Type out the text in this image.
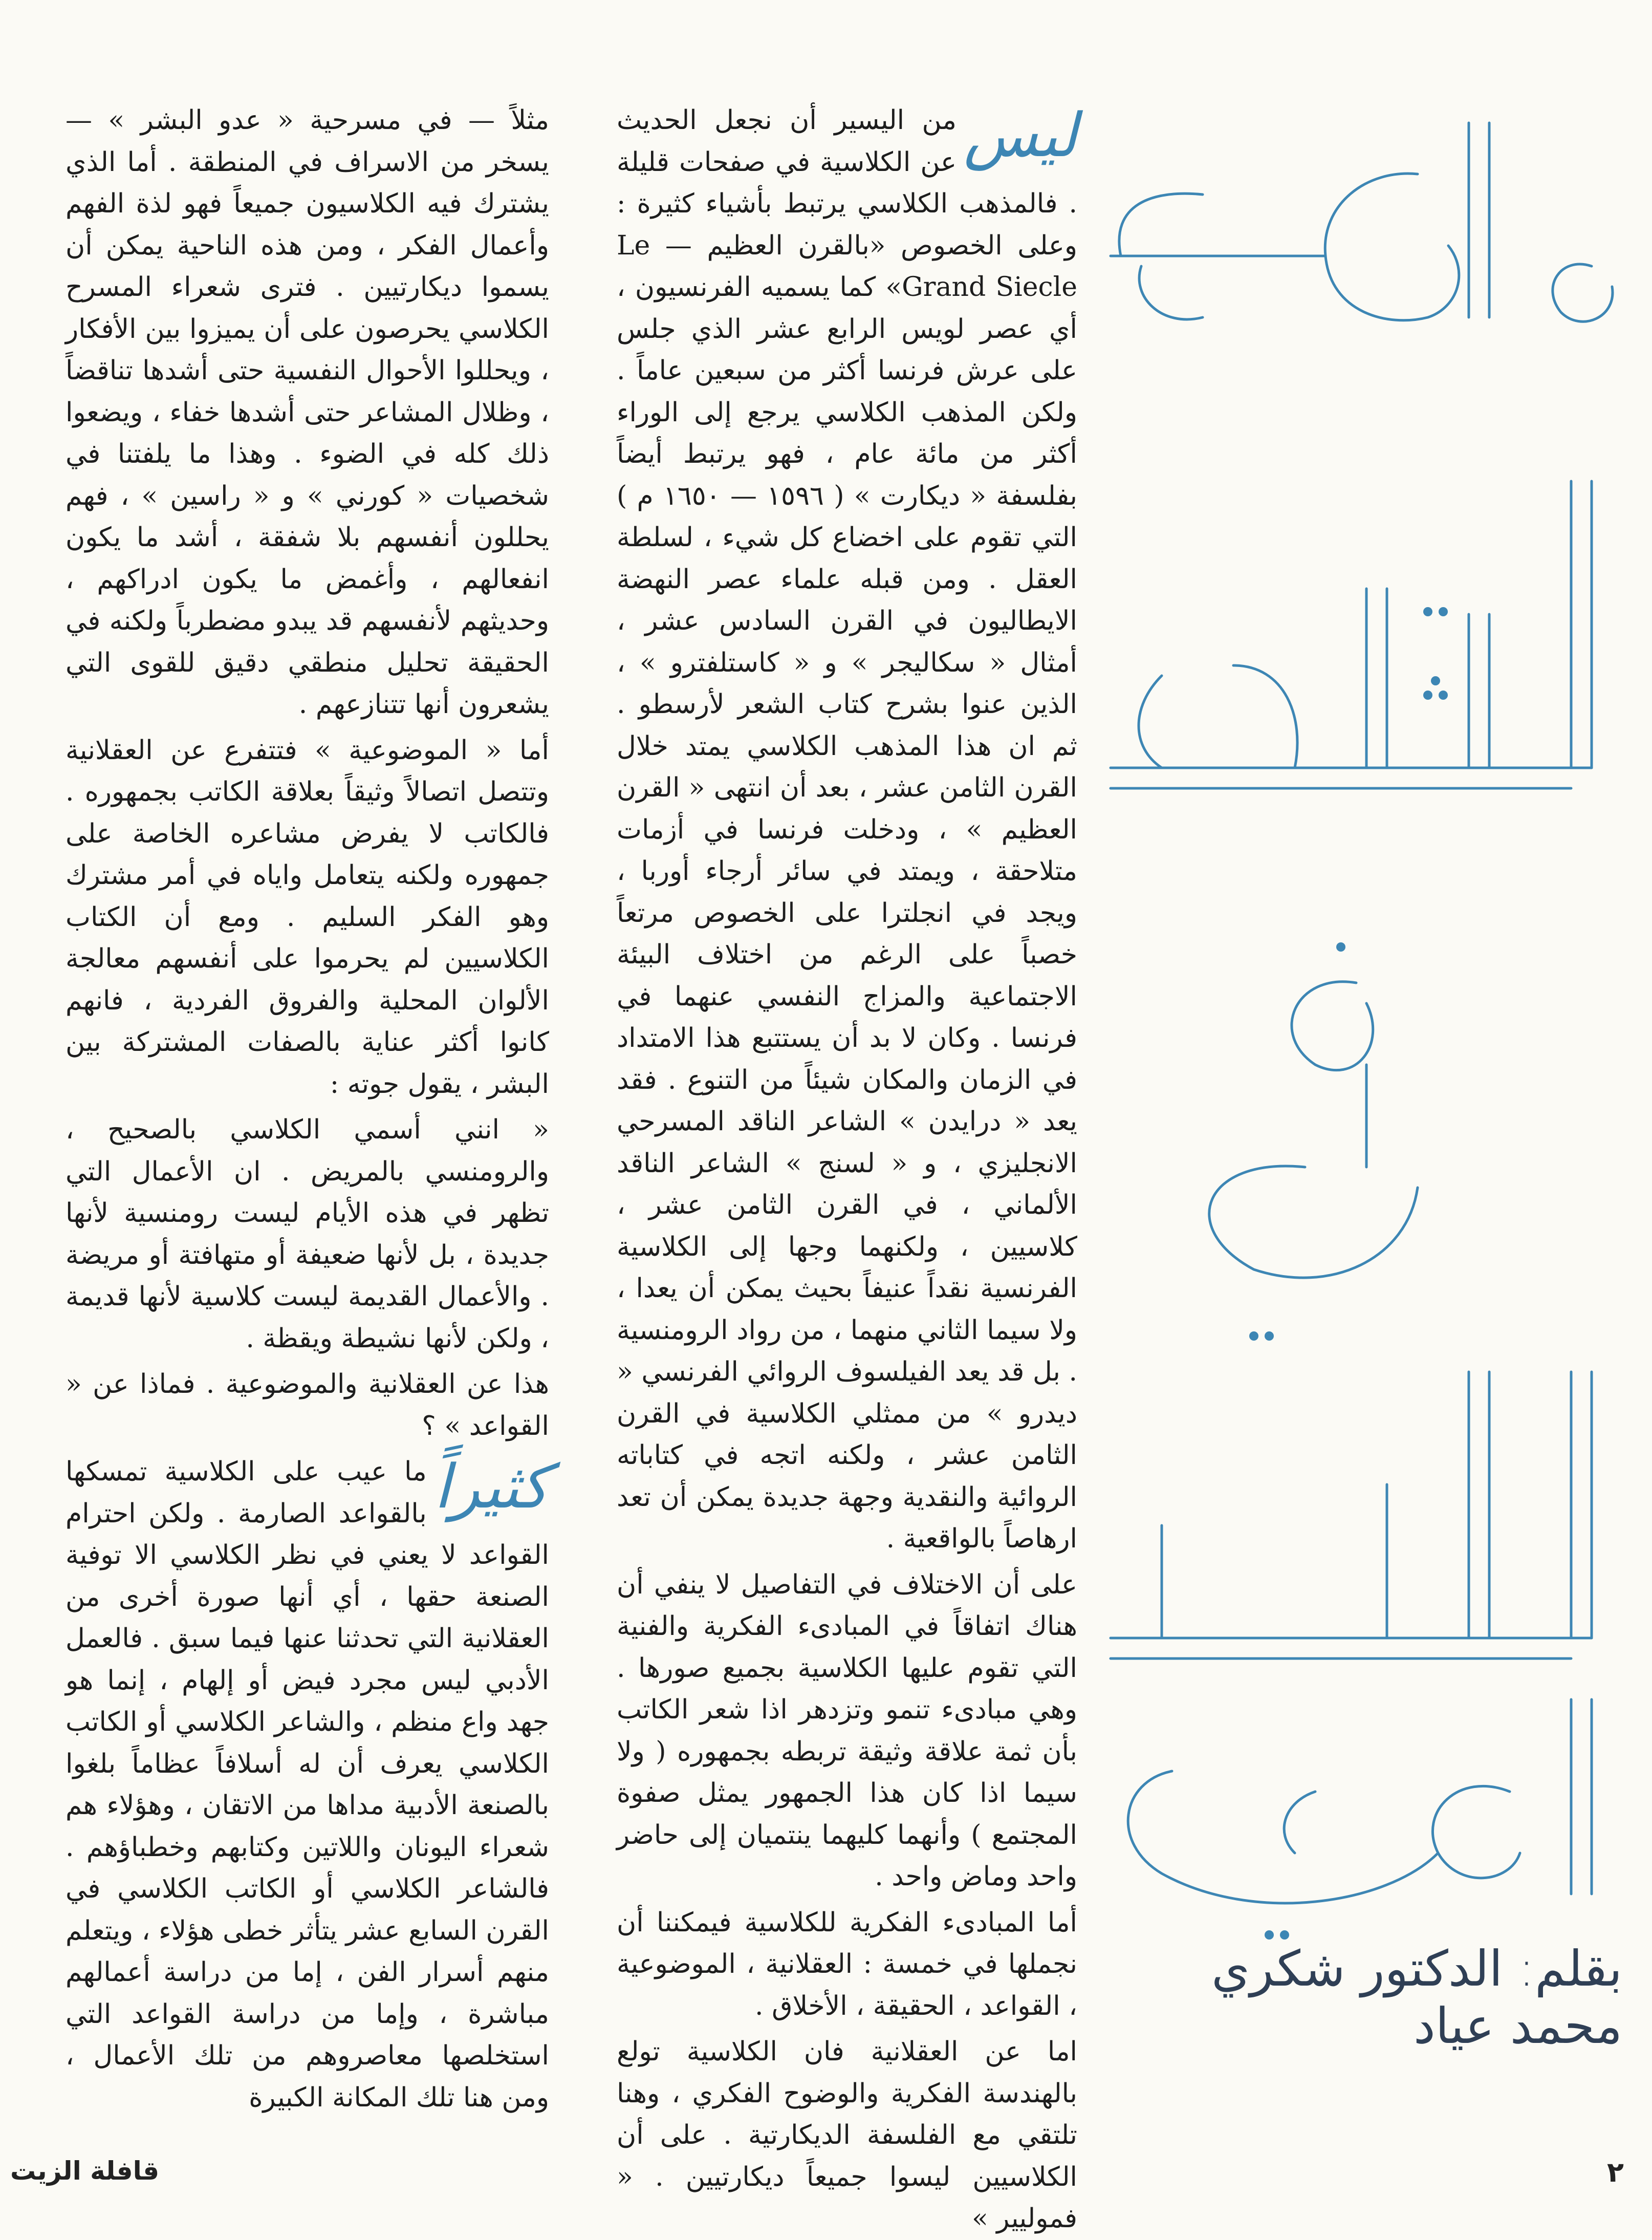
بقلم: الدكتور شكري محمد عياد
ليس

من اليسير أن نجعل الحديث عن الكلاسية في صفحات قليلة . فالمذهب الكلاسي يرتبط بأشياء كثيرة : وعلى الخصوص «بالقرن العظيم — Le Grand Siecle» كما يسميه الفرنسيون ، أي عصر لويس الرابع عشر الذي جلس على عرش فرنسا أكثر من سبعين عاماً . ولكن المذهب الكلاسي يرجع إلى الوراء أكثر من مائة عام ، فهو يرتبط أيضاً بفلسفة « ديكارت » ( ١٥٩٦ — ١٦٥٠ م ) التي تقوم على اخضاع كل شيء ، لسلطة العقل . ومن قبله علماء عصر النهضة الايطاليون في القرن السادس عشر ، أمثال « سكاليجر » و « كاستلفترو » ، الذين عنوا بشرح كتاب الشعر لأرسطو . ثم ان هذا المذهب الكلاسي يمتد خلال القرن الثامن عشر ، بعد أن انتهى « القرن العظيم » ، ودخلت فرنسا في أزمات متلاحقة ، ويمتد في سائر أرجاء أوربا ، ويجد في انجلترا على الخصوص مرتعاً خصباً على الرغم من اختلاف البيئة الاجتماعية والمزاج النفسي عنهما في فرنسا . وكان لا بد أن يستتبع هذا الامتداد في الزمان والمكان شيئاً من التنوع . فقد يعد « درايدن » الشاعر الناقد المسرحي الانجليزي ، و « لسنج » الشاعر الناقد الألماني ، في القرن الثامن عشر ، كلاسيين ، ولكنهما وجها إلى الكلاسية الفرنسية نقداً عنيفاً بحيث يمكن أن يعدا ، ولا سيما الثاني منهما ، من رواد الرومنسية . بل قد يعد الفيلسوف الروائي الفرنسي « ديدرو » من ممثلي الكلاسية في القرن الثامن عشر ، ولكنه اتجه في كتاباته الروائية والنقدية وجهة جديدة يمكن أن تعد ارهاصاً بالواقعية .

على أن الاختلاف في التفاصيل لا ينفي أن هناك اتفاقاً في المبادىء الفكرية والفنية التي تقوم عليها الكلاسية بجميع صورها . وهي مبادىء تنمو وتزدهر اذا شعر الكاتب بأن ثمة علاقة وثيقة تربطه بجمهوره ( ولا سيما اذا كان هذا الجمهور يمثل صفوة المجتمع ) وأنهما كليهما ينتميان إلى حاضر واحد وماض واحد .

أما المبادىء الفكرية للكلاسية فيمكننا أن نجملها في خمسة : العقلانية ، الموضوعية ، القواعد ، الحقيقة ، الأخلاق .

اما عن العقلانية فان الكلاسية تولع بالهندسة الفكرية والوضوح الفكري ، وهنا تلتقي مع الفلسفة الديكارتية . على أن الكلاسيين ليسوا جميعاً ديكارتيين . « فموليير »

مثلاً — في مسرحية « عدو البشر » — يسخر من الاسراف في المنطقة . أما الذي يشترك فيه الكلاسيون جميعاً فهو لذة الفهم وأعمال الفكر ، ومن هذه الناحية يمكن أن يسموا ديكارتيين . فترى شعراء المسرح الكلاسي يحرصون على أن يميزوا بين الأفكار ، ويحللوا الأحوال النفسية حتى أشدها تناقضاً ، وظلال المشاعر حتى أشدها خفاء ، ويضعوا ذلك كله في الضوء . وهذا ما يلفتنا في شخصيات « كورني » و « راسين » ، فهم يحللون أنفسهم بلا شفقة ، أشد ما يكون انفعالهم ، وأغمض ما يكون ادراكهم ، وحديثهم لأنفسهم قد يبدو مضطرباً ولكنه في الحقيقة تحليل منطقي دقيق للقوى التي يشعرون أنها تتنازعهم .

أما « الموضوعية » فتتفرع عن العقلانية وتتصل اتصالاً وثيقاً بعلاقة الكاتب بجمهوره . فالكاتب لا يفرض مشاعره الخاصة على جمهوره ولكنه يتعامل واياه في أمر مشترك وهو الفكر السليم . ومع أن الكتاب الكلاسيين لم يحرموا على أنفسهم معالجة الألوان المحلية والفروق الفردية ، فانهم كانوا أكثر عناية بالصفات المشتركة بين البشر ، يقول جوته :

« انني أسمي الكلاسي بالصحيح ، والرومنسي بالمريض . ان الأعمال التي تظهر في هذه الأيام ليست رومنسية لأنها جديدة ، بل لأنها ضعيفة أو متهافتة أو مريضة . والأعمال القديمة ليست كلاسية لأنها قديمة ، ولكن لأنها نشيطة ويقظة .

هذا عن العقلانية والموضوعية . فماذا عن « القواعد » ؟

كثيراً

ما عيب على الكلاسية تمسكها بالقواعد الصارمة . ولكن احترام القواعد لا يعني في نظر الكلاسي الا توفية الصنعة حقها ، أي أنها صورة أخرى من العقلانية التي تحدثنا عنها فيما سبق . فالعمل الأدبي ليس مجرد فيض أو إلهام ، إنما هو جهد واع منظم ، والشاعر الكلاسي أو الكاتب الكلاسي يعرف أن له أسلافاً عظاماً بلغوا بالصنعة الأدبية مداها من الاتقان ، وهؤلاء هم شعراء اليونان واللاتين وكتابهم وخطباؤهم . فالشاعر الكلاسي أو الكاتب الكلاسي في القرن السابع عشر يتأثر خطى هؤلاء ، ويتعلم منهم أسرار الفن ، إما من دراسة أعمالهم مباشرة ، وإما من دراسة القواعد التي استخلصها معاصروهم من تلك الأعمال ، ومن هنا تلك المكانة الكبيرة

قافلة الزيت	٢
